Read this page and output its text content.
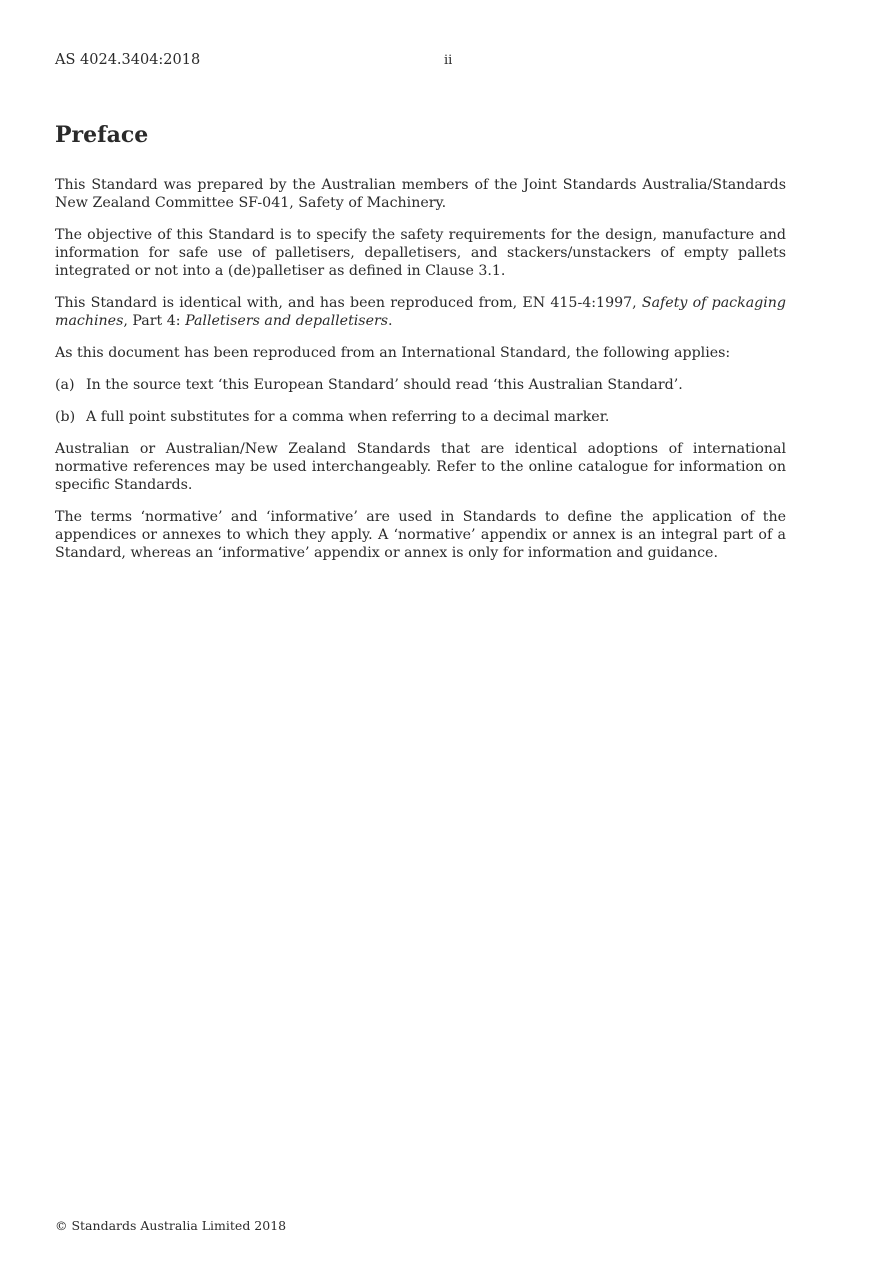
AS 4024.3404:2018	ii
Preface

This Standard was prepared by the Australian members of the Joint Standards Australia/Standards New Zealand Committee SF-041, Safety of Machinery.

The objective of this Standard is to specify the safety requirements for the design, manufacture and information for safe use of palletisers, depalletisers, and stackers/unstackers of empty pallets integrated or not into a (de)palletiser as defined in Clause 3.1.

This Standard is identical with, and has been reproduced from, EN 415-4:1997, Safety of packaging machines, Part 4: Palletisers and depalletisers.

As this document has been reproduced from an International Standard, the following applies:

(a) In the source text ‘this European Standard’ should read ‘this Australian Standard’.
(b) A full point substitutes for a comma when referring to a decimal marker.

Australian or Australian/New Zealand Standards that are identical adoptions of international normative references may be used interchangeably. Refer to the online catalogue for information on specific Standards.

The terms ‘normative’ and ‘informative’ are used in Standards to define the application of the appendices or annexes to which they apply. A ‘normative’ appendix or annex is an integral part of a Standard, whereas an ‘informative’ appendix or annex is only for information and guidance.

© Standards Australia Limited 2018
